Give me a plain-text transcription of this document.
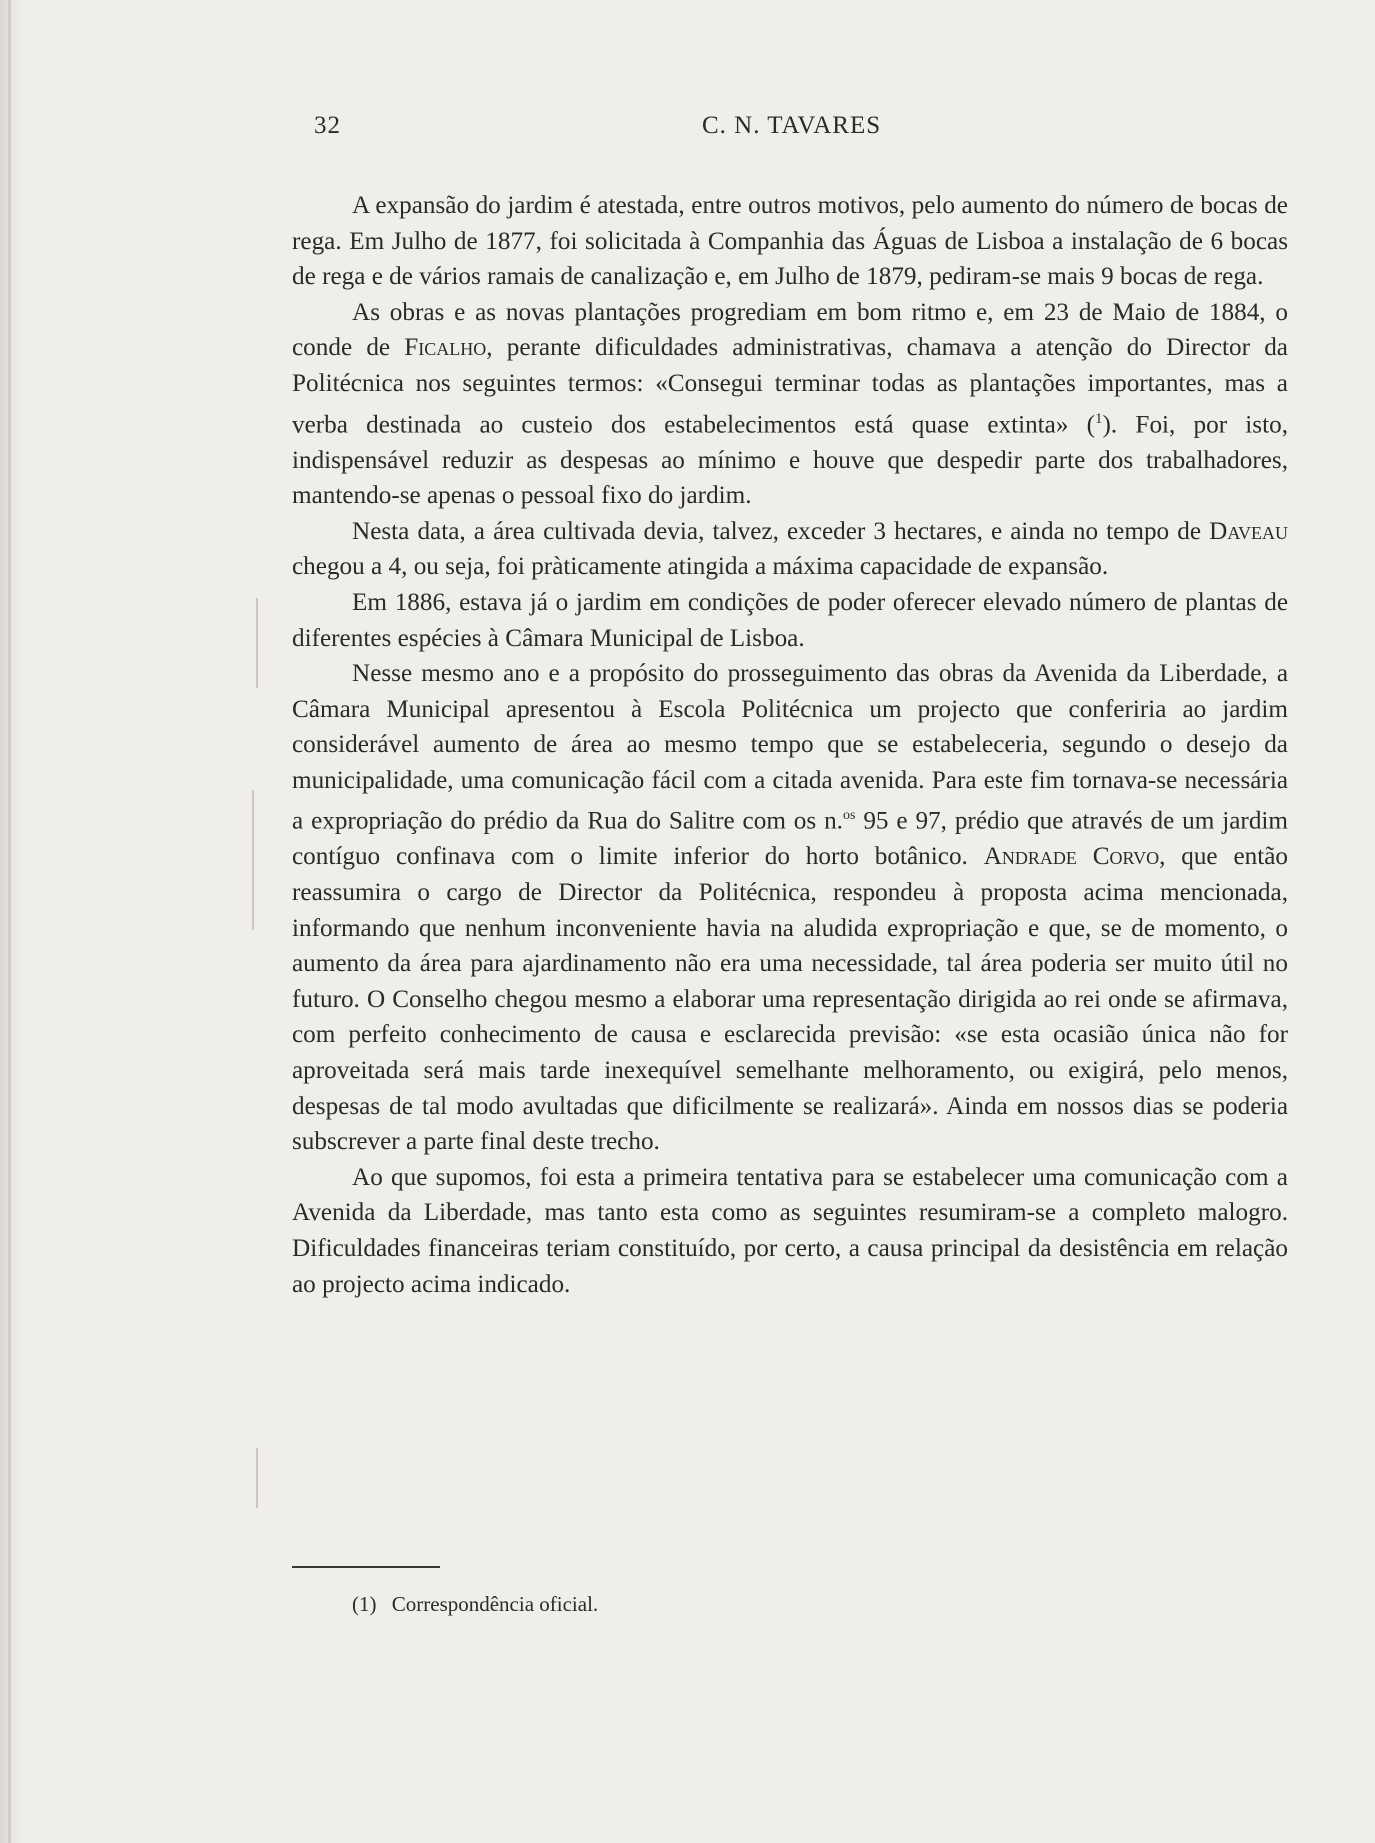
32	C. N. TAVARES

A expansão do jardim é atestada, entre outros motivos, pelo aumento do número de bocas de rega. Em Julho de 1877, foi solicitada à Companhia das Águas de Lisboa a instalação de 6 bocas de rega e de vários ramais de canalização e, em Julho de 1879, pediram-se mais 9 bocas de rega.

As obras e as novas plantações progrediam em bom ritmo e, em 23 de Maio de 1884, o conde de Ficalho, perante dificuldades administrativas, chamava a atenção do Director da Politécnica nos seguintes termos: «Consegui terminar todas as plantações importantes, mas a verba destinada ao custeio dos estabelecimentos está quase extinta» ($^1$). Foi, por isto, indispensável reduzir as despesas ao mínimo e houve que despedir parte dos trabalhadores, mantendo-se apenas o pessoal fixo do jardim.

Nesta data, a área cultivada devia, talvez, exceder 3 hectares, e ainda no tempo de Daveau chegou a 4, ou seja, foi pràticamente atingida a máxima capacidade de expansão.

Em 1886, estava já o jardim em condições de poder oferecer elevado número de plantas de diferentes espécies à Câmara Municipal de Lisboa.

Nesse mesmo ano e a propósito do prosseguimento das obras da Avenida da Liberdade, a Câmara Municipal apresentou à Escola Politécnica um projecto que conferiria ao jardim considerável aumento de área ao mesmo tempo que se estabeleceria, segundo o desejo da municipalidade, uma comunicação fácil com a citada avenida. Para este fim tornava-se necessária a expropriação do prédio da Rua do Salitre com os n.$^{os}$ 95 e 97, prédio que através de um jardim contíguo confinava com o limite inferior do horto botânico. Andrade Corvo, que então reassumira o cargo de Director da Politécnica, respondeu à proposta acima mencionada, informando que nenhum inconveniente havia na aludida expropriação e que, se de momento, o aumento da área para ajardinamento não era uma necessidade, tal área poderia ser muito útil no futuro. O Conselho chegou mesmo a elaborar uma representação dirigida ao rei onde se afirmava, com perfeito conhecimento de causa e esclarecida previsão: «se esta ocasião única não for aproveitada será mais tarde inexequível semelhante melhoramento, ou exigirá, pelo menos, despesas de tal modo avultadas que dificilmente se realizará». Ainda em nossos dias se poderia subscrever a parte final deste trecho.

Ao que supomos, foi esta a primeira tentativa para se estabelecer uma comunicação com a Avenida da Liberdade, mas tanto esta como as seguintes resumiram-se a completo malogro. Dificuldades financeiras teriam constituído, por certo, a causa principal da desistência em relação ao projecto acima indicado.

(1) Correspondência oficial.
